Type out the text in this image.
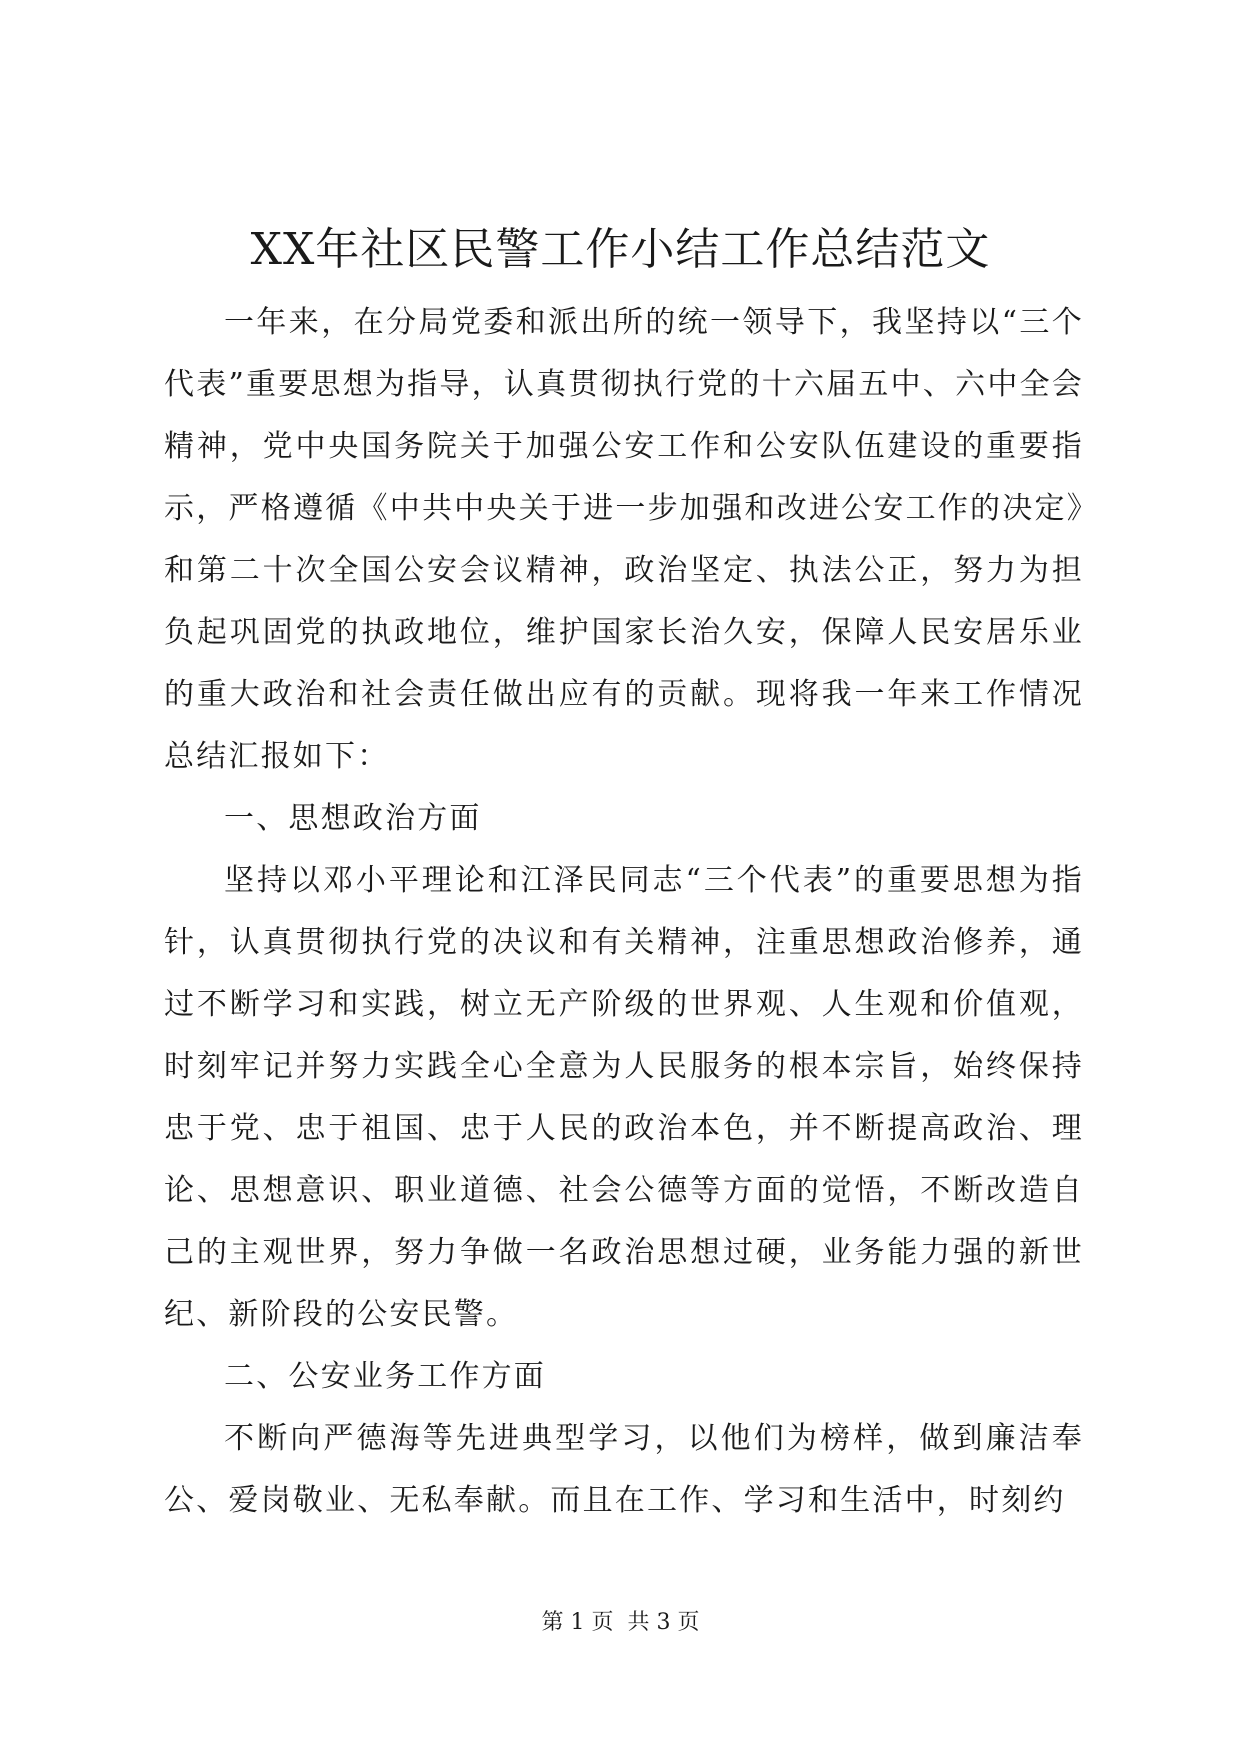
XX年社区民警工作小结工作总结范文

一年来，在分局党委和派出所的统一领导下，我坚持以“三个代表”重要思想为指导，认真贯彻执行党的十六届五中、六中全会精神，党中央国务院关于加强公安工作和公安队伍建设的重要指示，严格遵循《中共中央关于进一步加强和改进公安工作的决定》和第二十次全国公安会议精神，政治坚定、执法公正，努力为担负起巩固党的执政地位，维护国家长治久安，保障人民安居乐业的重大政治和社会责任做出应有的贡献。现将我一年来工作情况总结汇报如下：

一、思想政治方面

坚持以邓小平理论和江泽民同志“三个代表”的重要思想为指针，认真贯彻执行党的决议和有关精神，注重思想政治修养，通过不断学习和实践，树立无产阶级的世界观、人生观和价值观，时刻牢记并努力实践全心全意为人民服务的根本宗旨，始终保持忠于党、忠于祖国、忠于人民的政治本色，并不断提高政治、理论、思想意识、职业道德、社会公德等方面的觉悟，不断改造自己的主观世界，努力争做一名政治思想过硬，业务能力强的新世纪、新阶段的公安民警。

二、公安业务工作方面

不断向严德海等先进典型学习，以他们为榜样，做到廉洁奉公、爱岗敬业、无私奉献。而且在工作、学习和生活中，时刻约

第 1 页  共 3 页
